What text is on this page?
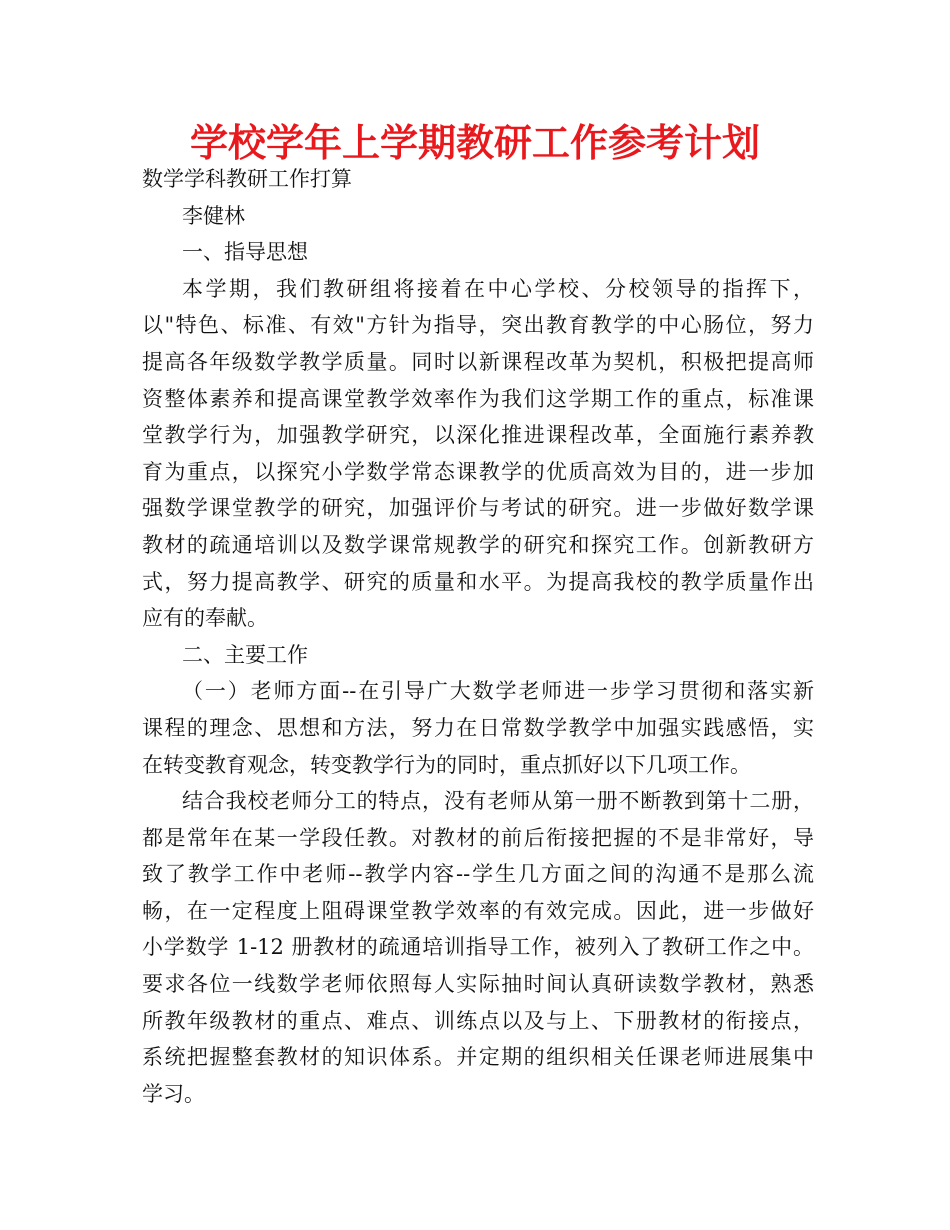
学校学年上学期教研工作参考计划
数学学科教研工作打算
李健林
一、指导思想
本学期，我们教研组将接着在中心学校、分校领导的指挥下，
以"特色、标准、有效"方针为指导，突出教育教学的中心肠位，努力
提高各年级数学教学质量。同时以新课程改革为契机，积极把提高师
资整体素养和提高课堂教学效率作为我们这学期工作的重点，标准课
堂教学行为，加强教学研究，以深化推进课程改革，全面施行素养教
育为重点，以探究小学数学常态课教学的优质高效为目的，进一步加
强数学课堂教学的研究，加强评价与考试的研究。进一步做好数学课
教材的疏通培训以及数学课常规教学的研究和探究工作。创新教研方
式，努力提高教学、研究的质量和水平。为提高我校的教学质量作出
应有的奉献。
二、主要工作
（一）老师方面--在引导广大数学老师进一步学习贯彻和落实新
课程的理念、思想和方法，努力在日常数学教学中加强实践感悟，实
在转变教育观念，转变教学行为的同时，重点抓好以下几项工作。
结合我校老师分工的特点，没有老师从第一册不断教到第十二册，
都是常年在某一学段任教。对教材的前后衔接把握的不是非常好，导
致了教学工作中老师--教学内容--学生几方面之间的沟通不是那么流
畅，在一定程度上阻碍课堂教学效率的有效完成。因此，进一步做好
小学数学 1-12 册教材的疏通培训指导工作，被列入了教研工作之中。
要求各位一线数学老师依照每人实际抽时间认真研读数学教材，熟悉
所教年级教材的重点、难点、训练点以及与上、下册教材的衔接点，
系统把握整套教材的知识体系。并定期的组织相关任课老师进展集中
学习。
